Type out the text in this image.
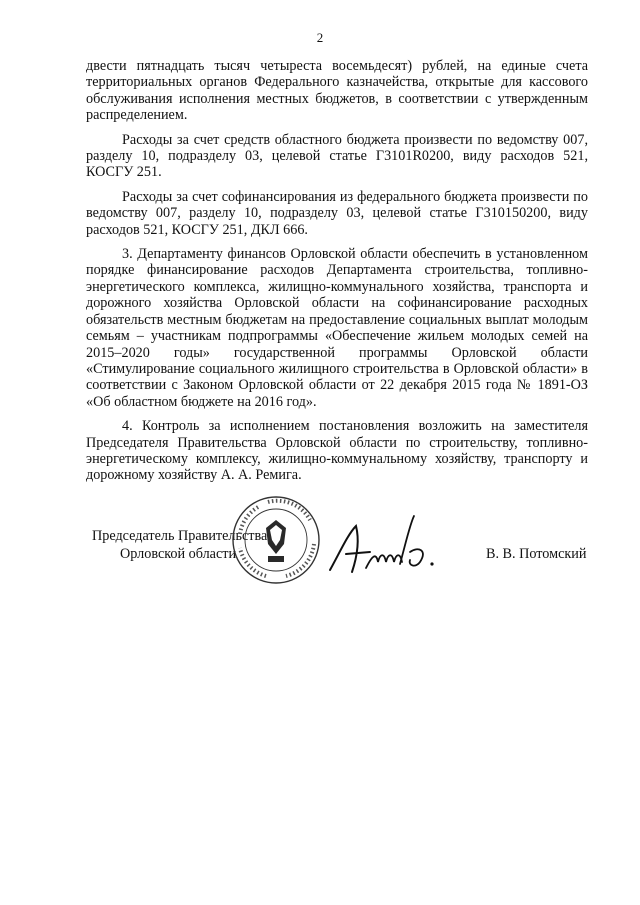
2

двести пятнадцать тысяч четыреста восемьдесят) рублей, на единые счета территориальных органов Федерального казначейства, открытые для кассового обслуживания исполнения местных бюджетов, в соответствии с утвержденным распределением.

Расходы за счет средств областного бюджета произвести по ведомству 007, разделу 10, подразделу 03, целевой статье Г3101R0200, виду расходов 521, КОСГУ 251.

Расходы за счет софинансирования из федерального бюджета произвести по ведомству 007, разделу 10, подразделу 03, целевой статье Г310150200, виду расходов 521, КОСГУ 251, ДКЛ 666.

3. Департаменту финансов Орловской области обеспечить в установленном порядке финансирование расходов Департамента строительства, топливно-энергетического комплекса, жилищно-коммунального хозяйства, транспорта и дорожного хозяйства Орловской области на софинансирование расходных обязательств местным бюджетам на предоставление социальных выплат молодым семьям – участникам подпрограммы «Обеспечение жильем молодых семей на 2015–2020 годы» государственной программы Орловской области «Стимулирование социального жилищного строительства в Орловской области» в соответствии с Законом Орловской области от 22 декабря 2015 года № 1891-ОЗ «Об областном бюджете на 2016 год».

4. Контроль за исполнением постановления возложить на заместителя Председателя Правительства Орловской области по строительству, топливно-энергетическому комплексу, жилищно-коммунальному хозяйству, транспорту и дорожному хозяйству А. А. Ремига.

Председатель Правительства
Орловской области	В. В. Потомский
